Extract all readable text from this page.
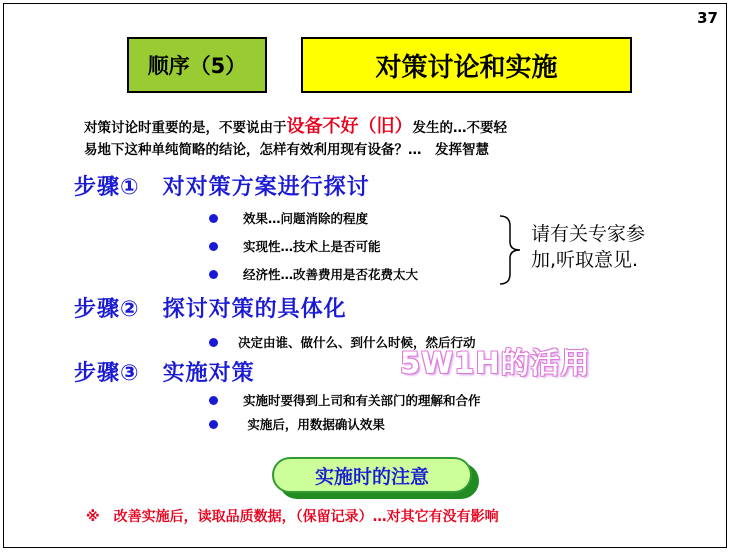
37
顺序（5）	对策讨论和实施
对策讨论时重要的是，不要说由于设备不好（旧）发生的…不要轻
易地下这种单纯简略的结论，怎样有效利用现有设备？…　发挥智慧
步骤①　对对策方案进行探讨
效果…问题消除的程度
实现性…技术上是否可能
经济性…改善费用是否花费太大
请有关专家参
加,听取意见.
步骤②　探讨对策的具体化
决定由谁、做什么、到什么时候，然后行动
5W1H的活用
步骤③　实施对策
实施时要得到上司和有关部门的理解和合作
实施后，用数据确认效果
实施时的注意
※　改善实施后，读取品质数据，（保留记录）…对其它有没有影响
